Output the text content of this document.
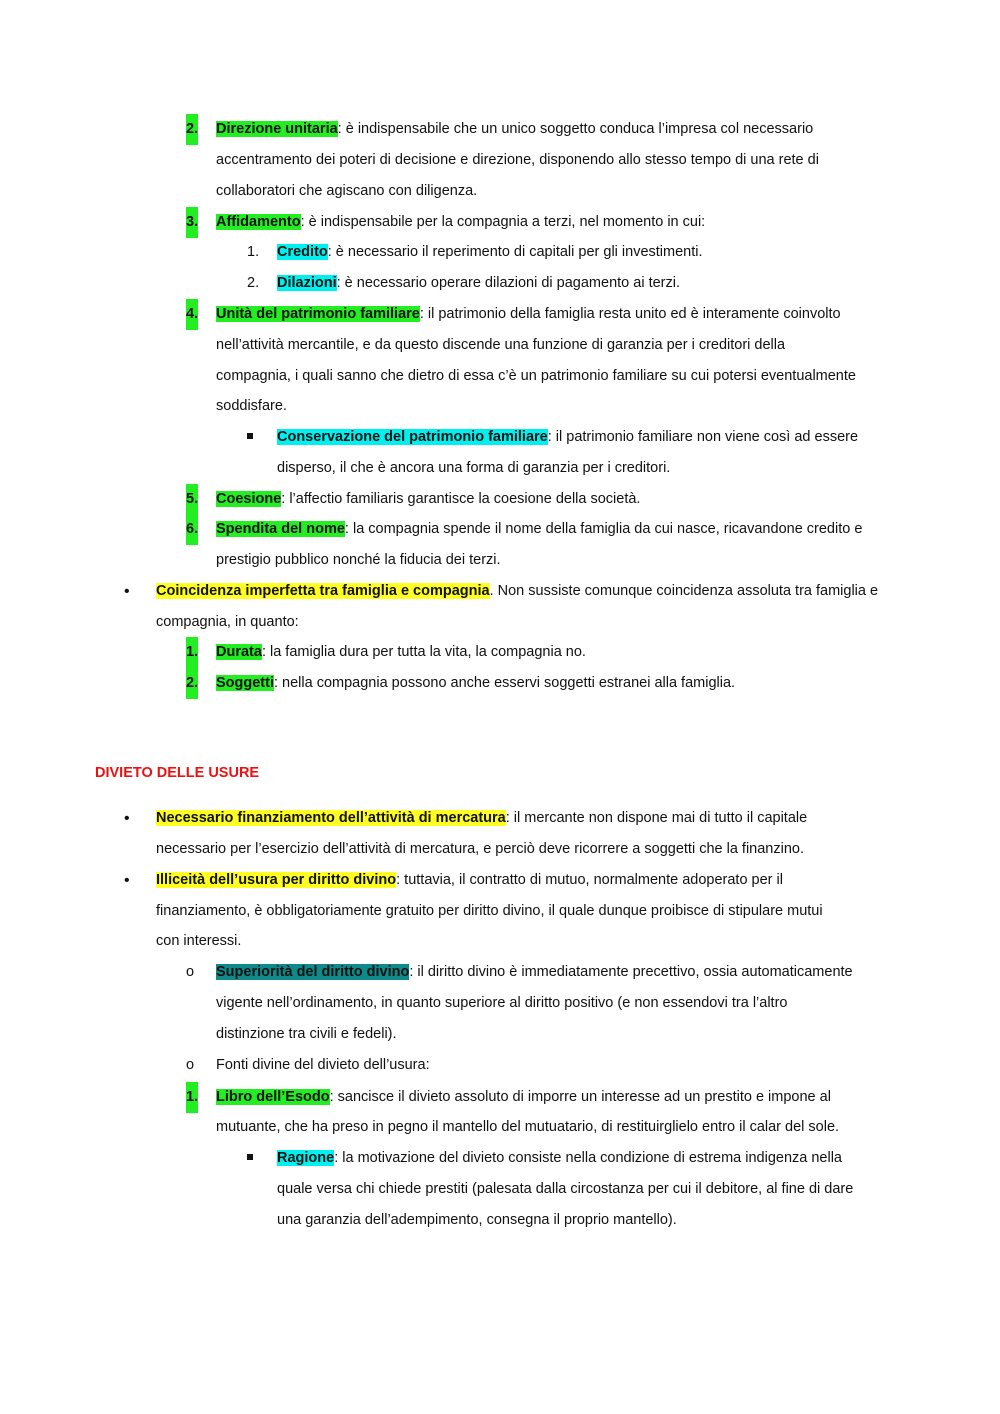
2. Direzione unitaria: è indispensabile che un unico soggetto conduca l’impresa col necessario
accentramento dei poteri di decisione e direzione, disponendo allo stesso tempo di una rete di
collaboratori che agiscano con diligenza.
3. Affidamento: è indispensabile per la compagnia a terzi, nel momento in cui:
1. Credito: è necessario il reperimento di capitali per gli investimenti.
2. Dilazioni: è necessario operare dilazioni di pagamento ai terzi.
4. Unità del patrimonio familiare: il patrimonio della famiglia resta unito ed è interamente coinvolto
nell’attività mercantile, e da questo discende una funzione di garanzia per i creditori della
compagnia, i quali sanno che dietro di essa c’è un patrimonio familiare su cui potersi eventualmente
soddisfare.
Conservazione del patrimonio familiare: il patrimonio familiare non viene così ad essere
disperso, il che è ancora una forma di garanzia per i creditori.
5. Coesione: l’affectio familiaris garantisce la coesione della società.
6. Spendita del nome: la compagnia spende il nome della famiglia da cui nasce, ricavandone credito e
prestigio pubblico nonché la fiducia dei terzi.
• Coincidenza imperfetta tra famiglia e compagnia. Non sussiste comunque coincidenza assoluta tra famiglia e
compagnia, in quanto:
1. Durata: la famiglia dura per tutta la vita, la compagnia no.
2. Soggetti: nella compagnia possono anche esservi soggetti estranei alla famiglia.
DIVIETO DELLE USURE
• Necessario finanziamento dell’attività di mercatura: il mercante non dispone mai di tutto il capitale
necessario per l’esercizio dell’attività di mercatura, e perciò deve ricorrere a soggetti che la finanzino.
• Illiceità dell’usura per diritto divino: tuttavia, il contratto di mutuo, normalmente adoperato per il
finanziamento, è obbligatoriamente gratuito per diritto divino, il quale dunque proibisce di stipulare mutui
con interessi.
o Superiorità del diritto divino: il diritto divino è immediatamente precettivo, ossia automaticamente
vigente nell’ordinamento, in quanto superiore al diritto positivo (e non essendovi tra l’altro
distinzione tra civili e fedeli).
o Fonti divine del divieto dell’usura:
1. Libro dell’Esodo: sancisce il divieto assoluto di imporre un interesse ad un prestito e impone al
mutuante, che ha preso in pegno il mantello del mutuatario, di restituirglielo entro il calar del sole.
Ragione: la motivazione del divieto consiste nella condizione di estrema indigenza nella
quale versa chi chiede prestiti (palesata dalla circostanza per cui il debitore, al fine di dare
una garanzia dell’adempimento, consegna il proprio mantello).
